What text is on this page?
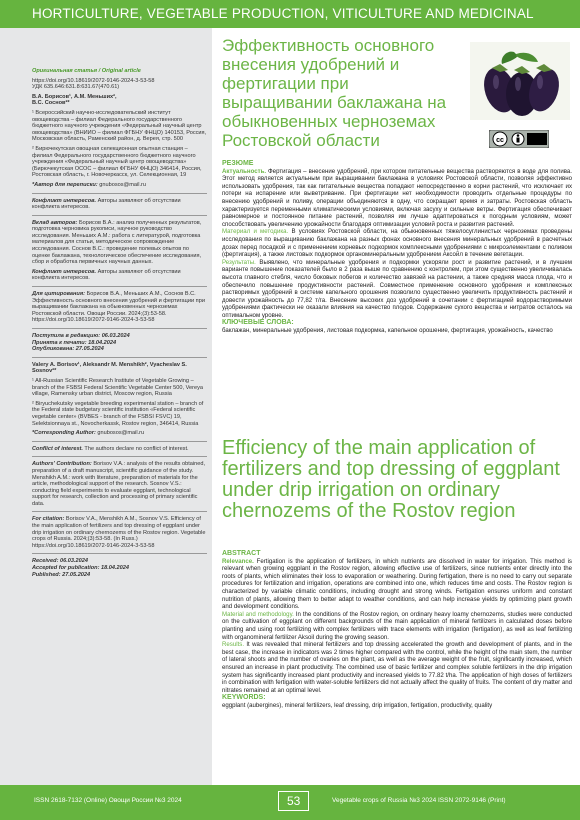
HORTICULTURE, VEGETABLE PRODUCTION, VITICULTURE AND MEDICINAL

Оригинальная статья / Original article

https://doi.org/10.18619/2072-9146-2024-3-53-58

УДК 635.646:631.8:631.67(470.61)

В.А. Борисов¹, А.М. Меньших²,

В.С. Соснов²*

¹ Всероссийский научно-исследовательский институт овощеводства – филиал Федерального государственного бюджетного научного учреждения «Федеральный научный центр овощеводства» (ВНИИО – филиал ФГБНУ ФНЦО) 140153, Россия, Московская область, Раменский район, д. Верея, стр. 500

² Бирючекутская овощная селекционная опытная станция – филиал Федерального государственного бюджетного научного учреждения «Федеральный научный центр овощеводства» (Бирючекутская ОСОС – филиал ФГБНУ ФНЦО) 346414, Россия, Ростовская область, г. Новочеркасск, ул. Селекционная, 19

*Автор для переписки: gnubosos@mail.ru

Конфликт интересов. Авторы заявляют об отсутствии конфликта интересов.

Вклад авторов: Борисов В.А.: анализ полученных результатов, подготовка черновика рукописи, научное руководство исследования. Меньших А.М.: работа с литературой, подготовка материалов для статьи, методическое сопровождение исследования. Соснов В.С.: проведение полевых опытов по оценке баклажана, технологическое обеспечение исследования, сбор и обработка первичных научных данных.

Конфликт интересов. Авторы заявляют об отсутствии конфликта интересов.

Для цитирования: Борисов В.А., Меньших А.М., Соснов В.С. Эффективность основного внесения удобрений и фертигации при выращивании баклажана на обыкновенных черноземах Ростовской области. Овощи России. 2024;(3):53-58. https://doi.org/10.18619/2072-9146-2024-3-53-58

Поступила в редакцию: 06.03.2024

Принята к печати: 18.04.2024

Опубликована: 27.05.2024

Valery A. Borisov¹, Aleksandr M. Menshikh², Vyacheslav S. Sosnov²*

¹ All-Russian Scientific Research Institute of Vegetable Growing – branch of the FSBSI Federal Scientific Vegetable Center 500, Vereya village, Ramensky urban district, Moscow region, Russia

² Biryuchekutsky vegetable breeding experimental station – branch of the Federal state budgetary scientific institution «Federal scientific vegetable center» (BVBES - branch of the FSBSI FSVC) 19, Selektsionnaya st., Novocherkassk, Rostov region, 346414, Russia

*Corresponding Author: gnubosos@mail.ru

Conflict of interest. The authors declare no conflict of interest.

Authors' Contribution: Borisov V.A.: analysis of the results obtained, preparation of a draft manuscript, scientific guidance of the study. Menshikh A.M.: work with literature, preparation of materials for the article, methodological support of the research. Sosnov V.S.: conducting field experiments to evaluate eggplant, technological support for research, collection and processing of primary scientific data.

For citation: Borisov V.A., Menshikh A.M., Sosnov V.S. Efficiency of the main application of fertilizers and top dressing of eggplant under drip irrigation on ordinary chernozems of the Rostov region. Vegetable crops of Russia. 2024;(3):53-58. (In Russ.) https://doi.org/10.18619/2072-9146-2024-3-53-58

Received: 06.03.2024

Accepted for publication: 18.04.2024

Published: 27.05.2024

Эффективность основного внесения удобрений и фертигации при выращивании баклажана на обыкновенных черноземах Ростовской области	cc
РЕЗЮМЕ
Актуальность. Фертигация – внесение удобрений, при котором питательные вещества растворяются в воде для полива. Этот метод является актуальным при выращивании баклажана в условиях Ростовской области, позволяя эффективно использовать удобрения, так как питательные вещества попадают непосредственно в корни растений, что исключает их потери на испарение или выветривание. При фертигации нет необходимости проводить отдельные процедуры по внесению удобрений и поливу, операции объединяются в одну, что сокращает время и затраты. Ростовская область характеризуется переменными климатическими условиями, включая засуху и сильные ветры. Фертигация обеспечивает равномерное и постоянное питание растений, позволяя им лучше адаптироваться к погодным условиям, может способствовать увеличению урожайности благодаря оптимизации условий роста и развития растений.
Материал и методика. В условиях Ростовской области, на обыкновенных тяжелосуглинистых черноземах проведены исследования по выращиванию баклажана на разных фонах основного внесения минеральных удобрений в расчетных дозах перед посадкой и с применением корневых подкормок комплексными удобрениями с микроэлементами с поливом (фертигация), а также листовых подкормок органоминеральным удобрением Аксойл в течение вегетации.
Результаты. Выявлено, что минеральные удобрения и подкормки ускоряли рост и развитие растений, и в лучшем варианте повышение показателей было в 2 раза выше по сравнению с контролем, при этом существенно увеличивалась высота главного стебля, число боковых побегов и количество завязей на растении, а также средняя масса плода, что и обеспечило повышение продуктивности растений. Совместное применение основного удобрения и комплексных растворимых удобрений в системе капельного орошения позволило существенно увеличить продуктивность растений и довести урожайность до 77,82 т/га. Внесение высоких доз удобрений в сочетании с фертигацией водорастворимыми удобрениями фактически не оказали влияния на качество плодов. Содержание сухого вещества и нитратов осталось на оптимальном уровне.
КЛЮЧЕВЫЕ СЛОВА:
баклажан, минеральные удобрения, листовая подкормка, капельное орошение, фертигация, урожайность, качество
Efficiency of the main application of fertilizers and top dressing of eggplant under drip irrigation on ordinary chernozems of the Rostov region
ABSTRACT
Relevance. Fertigation is the application of fertilizers, in which nutrients are dissolved in water for irrigation. This method is relevant when growing eggplant in the Rostov region, allowing effective use of fertilizers, since nutrients enter directly into the roots of plants, which eliminates their loss to evaporation or weathering. During fertigation, there is no need to carry out separate procedures for fertilization and irrigation, operations are combined into one, which reduces time and costs. The Rostov region is characterized by variable climatic conditions, including drought and strong winds. Fertigation ensures uniform and constant nutrition of plants, allowing them to better adapt to weather conditions, and can help increase yields by optimizing plant growth and development conditions.
Material and methodology. In the conditions of the Rostov region, on ordinary heavy loamy chernozems, studies were conducted on the cultivation of eggplant on different backgrounds of the main application of mineral fertilizers in calculated doses before planting and using root fertilizing with complex fertilizers with trace elements with irrigation (fertigation), as well as leaf fertilizing with organomineral fertilizer Aksoil during the growing season.
Results. It was revealed that mineral fertilizers and top dressing accelerated the growth and development of plants, and in the best case, the increase in indicators was 2 times higher compared with the control, while the height of the main stem, the number of lateral shoots and the number of ovaries on the plant, as well as the average weight of the fruit, significantly increased, which ensured an increase in plant productivity. The combined use of basic fertilizer and complex soluble fertilizers in the drip irrigation system has significantly increased plant productivity and increased yields to 77.82 t/ha. The application of high doses of fertilizers in combination with fertigation with water-soluble fertilizers did not actually affect the quality of fruits. The content of dry matter and nitrates remained at an optimal level.
KEYWORDS:
eggplant (aubergines), mineral fertilizers, leaf dressing, drip irrigation, fertigation, productivity, quality
ISSN 2618-7132 (Online) Овощи России №3 2024	53	Vegetable crops of Russia №3 2024 ISSN 2072-9146 (Print)
